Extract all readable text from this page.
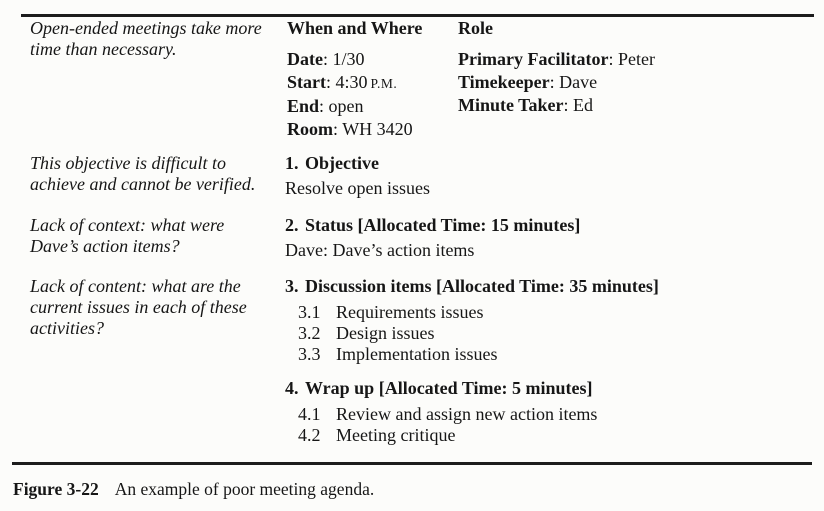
Open-ended meetings take more
time than necessary.
This objective is difficult to
achieve and cannot be verified.
Lack of context: what were
Dave’s action items?
Lack of content: what are the
current issues in each of these
activities?
When and Where
Date: 1/30
Start: 4:30 P.M.
End: open
Room: WH 3420
Role
Primary Facilitator: Peter
Timekeeper: Dave
Minute Taker: Ed
1. Objective
Resolve open issues
2. Status [Allocated Time: 15 minutes]
Dave: Dave’s action items
3. Discussion items [Allocated Time: 35 minutes]
3.1 Requirements issues
3.2 Design issues
3.3 Implementation issues
4. Wrap up [Allocated Time: 5 minutes]
4.1 Review and assign new action items
4.2 Meeting critique
Figure 3-22 An example of poor meeting agenda.
